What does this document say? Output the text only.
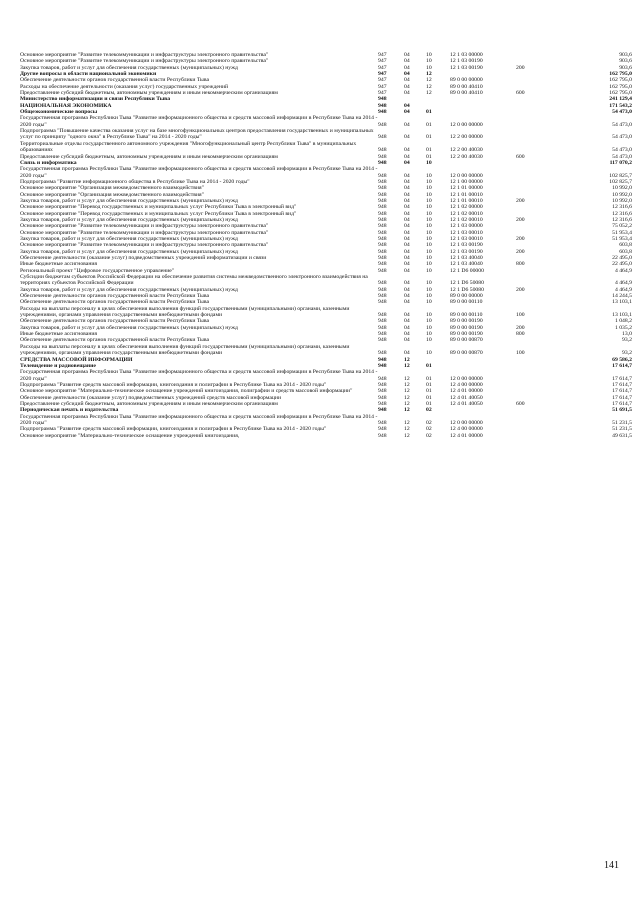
Основное мероприятие "Развитие телекоммуникации и инфраструктуры электронного правительства"	947	04	10	12 1 03 00000		903,6
Основное мероприятие "Развитие телекоммуникации и инфраструктуры электронного правительства"	947	04	10	12 1 03 00190		903,6
Закупка товаров, работ и услуг для обеспечения государственных (муниципальных) нужд	947	04	10	12 1 03 00190	200	903,6
Другие вопросы в области национальной экономики	947	04	12			162 795,0
Обеспечение деятельности органов государственной власти Республики Тыва	947	04	12	89 0 00 00000		162 795,0
Расходы на обеспечение деятельности (оказания услуг) государственных учреждений	947	04	12	89 0 00 40410		162 795,0
Предоставление субсидий бюджетным, автономным учреждениям и иным некоммерческим организациям	947	04	12	89 0 00 40410	600	162 795,0
Министерство информатизации и связи Республики Тыва	948					241 129,4
НАЦИОНАЛЬНАЯ ЭКОНОМИКА	948	04				171 543,2
Общеэкономические вопросы	948	04	01			54 473,0
Государственная программа Республики Тыва "Развитие информационного общества и средств массовой информации в Республике Тыва на 2014 - 2020 годы"	948	04	01	12 0 00 00000		54 473,0
Подпрограмма "Повышение качества оказания услуг на базе многофункциональных центров предоставления государственных и муниципальных услуг по принципу "одного окна" в Республике Тыва" на 2014 - 2020 годы"	948	04	01	12 2 00 00000		54 473,0
Территориальные отделы государственного автономного учреждения "Многофункциональный центр Республики Тыва" в муниципальных образованиях	948	04	01	12 2 00 40030		54 473,0
Предоставление субсидий бюджетным, автономным учреждениям и иным некоммерческим организациям	948	04	01	12 2 00 40030	600	54 473,0
Связь и информатика	948	04	10			117 070,2
Государственная программа Республики Тыва "Развитие информационного общества и средств массовой информации в Республике Тыва на 2014 - 2020 годы"	948	04	10	12 0 00 00000		102 825,7
Подпрограмма "Развитие информационного общества в Республике Тыва на 2014 - 2020 годы"	948	04	10	12 1 00 00000		102 825,7
Основное мероприятие "Организация межведомственного взаимодействия"	948	04	10	12 1 01 00000		10 992,0
Основное мероприятие "Организация межведомственного взаимодействия"	948	04	10	12 1 01 00010		10 992,0
Закупка товаров, работ и услуг для обеспечения государственных (муниципальных) нужд	948	04	10	12 1 01 00010	200	10 992,0
Основное мероприятие "Перевод государственных и муниципальных услуг Республики Тыва в электронный вид"	948	04	10	12 1 02 00000		12 316,6
Основное мероприятие "Перевод государственных и муниципальных услуг Республики Тыва в электронный вид"	948	04	10	12 1 02 00010		12 316,6
Закупка товаров, работ и услуг для обеспечения государственных (муниципальных) нужд	948	04	10	12 1 02 00010	200	12 316,6
Основное мероприятие "Развитие телекоммуникации и инфраструктуры электронного правительства"	948	04	10	12 1 03 00000		75 052,2
Основное мероприятие "Развитие телекоммуникации и инфраструктуры электронного правительства"	948	04	10	12 1 03 00010		51 953,4
Закупка товаров, работ и услуг для обеспечения государственных (муниципальных) нужд	948	04	10	12 1 03 00010	200	51 953,4
Основное мероприятие "Развитие телекоммуникации и инфраструктуры электронного правительства"	948	04	10	12 1 03 00190		603,8
Закупка товаров, работ и услуг для обеспечения государственных (муниципальных) нужд	948	04	10	12 1 03 00190	200	603,8
Обеспечение деятельности (оказание услуг) подведомственных учреждений информатизации и связи	948	04	10	12 1 03 40040		22 495,0
Иные бюджетные ассигнования	948	04	10	12 1 03 40040	800	22 495,0
Региональный проект "Цифровое государственное управление"	948	04	10	12 1 D6 00000		4 464,9
Субсидии бюджетам субъектов Российской Федерации на обеспечение развития системы межведомственного электронного взаимодействия на территориях субъектов Российской Федерации	948	04	10	12 1 D6 50080		4 464,9
Закупка товаров, работ и услуг для обеспечения государственных (муниципальных) нужд	948	04	10	12 1 D6 50080	200	4 464,9
Обеспечение деятельности органов государственной власти Республики Тыва	948	04	10	89 0 00 00000		14 244,5
Обеспечение деятельности органов государственной власти Республики Тыва	948	04	10	89 0 00 00110		13 103,1
Расходы на выплаты персоналу в целях обеспечения выполнения функций государственными (муниципальными) органами, казенными учреждениями, органами управления государственными внебюджетными фондами	948	04	10	89 0 00 00110	100	13 103,1
Обеспечение деятельности органов государственной власти Республики Тыва	948	04	10	89 0 00 00190		1 048,2
Закупка товаров, работ и услуг для обеспечения государственных (муниципальных) нужд	948	04	10	89 0 00 00190	200	1 035,2
Иные бюджетные ассигнования	948	04	10	89 0 00 00190	800	13,0
Обеспечение деятельности органов государственной власти Республики Тыва	948	04	10	89 0 00 00870		93,2
Расходы на выплаты персоналу в целях обеспечения выполнения функций государственными (муниципальными) органами, казенными учреждениями, органами управления государственными внебюджетными фондами	948	04	10	89 0 00 00870	100	93,2
СРЕДСТВА МАССОВОЙ ИНФОРМАЦИИ	948	12				69 586,2
Телевидение и радиовещание	948	12	01			17 614,7
Государственная программа Республики Тыва "Развитие информационного общества и средств массовой информации в Республике Тыва на 2014 - 2020 годы"	948	12	01	12 0 00 00000		17 614,7
Подпрограмма "Развитие средств массовой информации, книгоиздания и полиграфии в Республике Тыва на 2014 - 2020 годы"	948	12	01	12 4 00 00000		17 614,7
Основное мероприятие "Материально-техническое оснащение учреждений книгоиздания, полиграфии и средств массовой информации"	948	12	01	12 4 01 00000		17 614,7
Обеспечение деятельности (оказание услуг) подведомственных учреждений средств массовой информации	948	12	01	12 4 01 40050		17 614,7
Предоставление субсидий бюджетным, автономным учреждениям и иным некоммерческим организациям	948	12	01	12 4 01 40050	600	17 614,7
Периодическая печать и издательства	948	12	02			51 691,5
Государственная программа Республики Тыва "Развитие информационного общества и средств массовой информации в Республике Тыва на 2014 - 2020 годы"	948	12	02	12 0 00 00000		51 231,5
Подпрограмма "Развитие средств массовой информации, книгоиздания и полиграфии в Республике Тыва на 2014 - 2020 годы"	948	12	02	12 4 00 00000		51 231,5
Основное мероприятие "Материально-техническое оснащение учреждений книгоиздания,	948	12	02	12 4 01 00000		49 631,5
141
